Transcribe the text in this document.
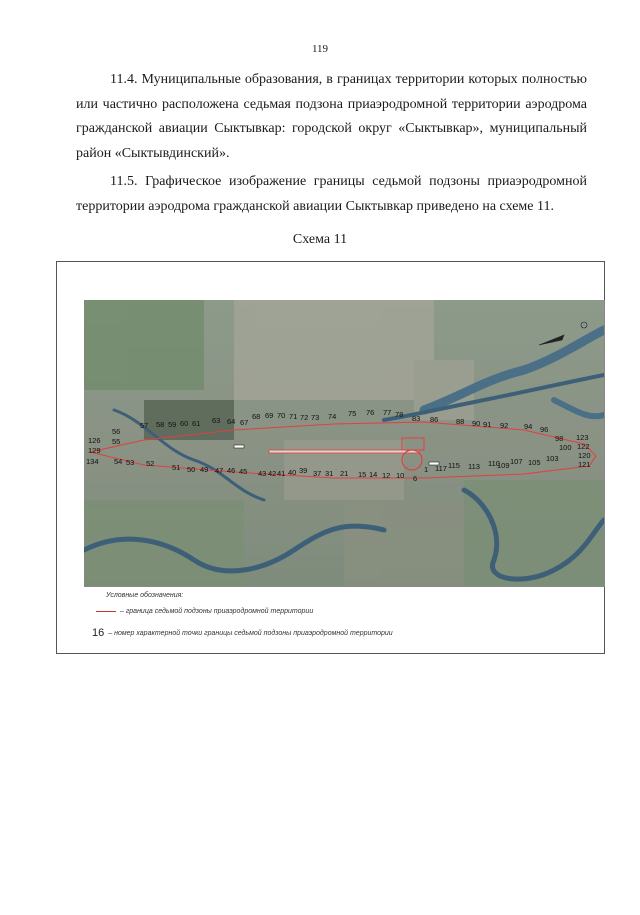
119

11.4. Муниципальные образования, в границах территории которых полностью или частично расположена седьмая подзона приаэродромной территории аэродрома гражданской авиации Сыктывкар: городской округ «Сыктывкар», муниципальный район «Сыктывдинский».

11.5. Графическое изображение границы седьмой подзоны приаэродромной территории аэродрома гражданской авиации Сыктывкар приведено на схеме 11.

Схема 11
56
57 58 59 60 61 63 64 67
68 69 70 71 72 73 74 75 76 77 78 83 86 88 90 91 92 94 96
98 123
100 122
120
103
121
105
107
109
110
113
115
117
1
6
10
12
14
15
21
31
37
39
40
41
42
43
45
46
47
49
50
51
52
53
54
134
129
126 55
Условные обозначения:
– граница седьмой подзоны приаэродромной территории
16 – номер характерной точки границы седьмой подзоны приаэродромной территории
